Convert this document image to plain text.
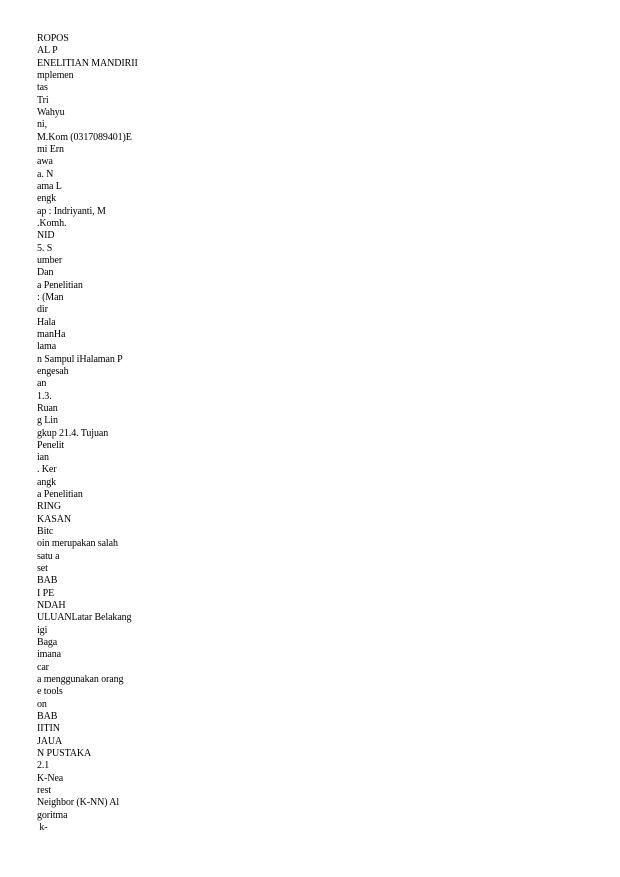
ROPOS
AL P
ENELITIAN MANDIRII
mplemen
tas
Tri
Wahyu
ni,
M.Kom (0317089401)E
mi Ern
awa
a. N
ama L
engk
ap : Indriyanti, M
.Komh.
NID
5. S
umber
Dan
a Penelitian
: (Man
dir
Hala
manHa
lama
n Sampul iHalaman P
engesah
an
1.3.
Ruan
g Lin
gkup 21.4. Tujuan
Penelit
ian
. Ker
angk
a Penelitian
RING
KASAN
Bitc
oin merupakan salah
satu a
set
BAB
I PE
NDAH
ULUANLatar Belakang
igi
Baga
imana
car
a menggunakan orang
e tools
on
BAB
IITIN
JAUA
N PUSTAKA
2.1
K-Nea
rest
Neighbor (K-NN) Al
goritma
k-
